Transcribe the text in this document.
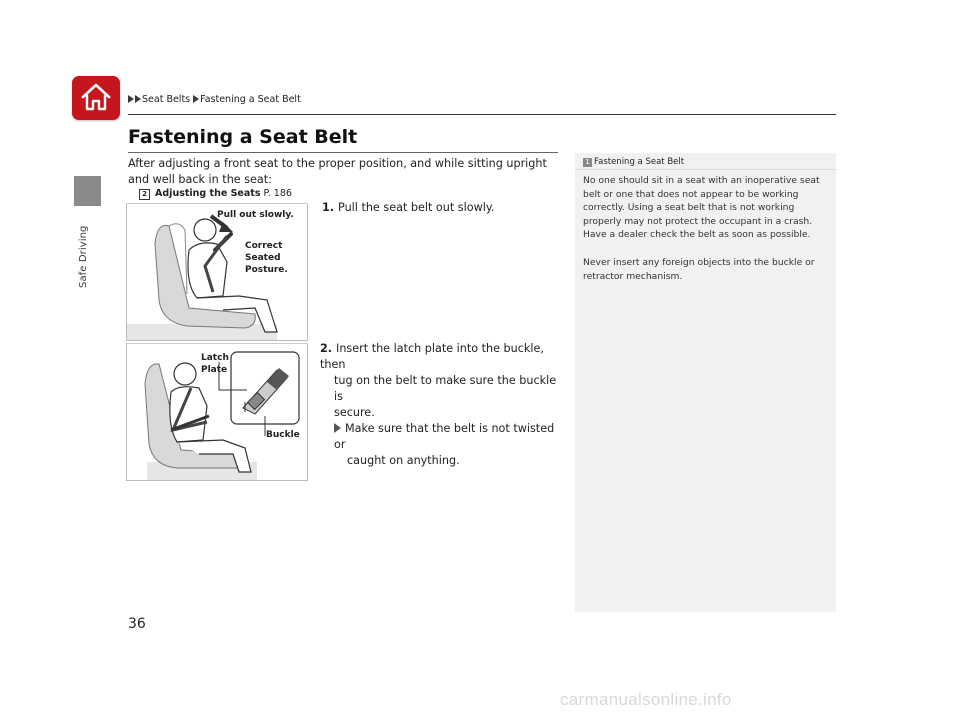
Safe Driving
Seat Belts Fastening a Seat Belt
Fastening a Seat Belt
After adjusting a front seat to the proper position, and while sitting upright and well back in the seat:
2 Adjusting the Seats P. 186
Pull out slowly.
Correct
Seated
Posture.
Latch
Plate
Buckle
1. Pull the seat belt out slowly.
2. Insert the latch plate into the buckle, then
tug on the belt to make sure the buckle is
secure.
Make sure that the belt is not twisted or
caught on anything.
1 Fastening a Seat Belt
No one should sit in a seat with an inoperative seat belt or one that does not appear to be working correctly. Using a seat belt that is not working properly may not protect the occupant in a crash. Have a dealer check the belt as soon as possible.
Never insert any foreign objects into the buckle or retractor mechanism.
36
carmanualsonline.info
